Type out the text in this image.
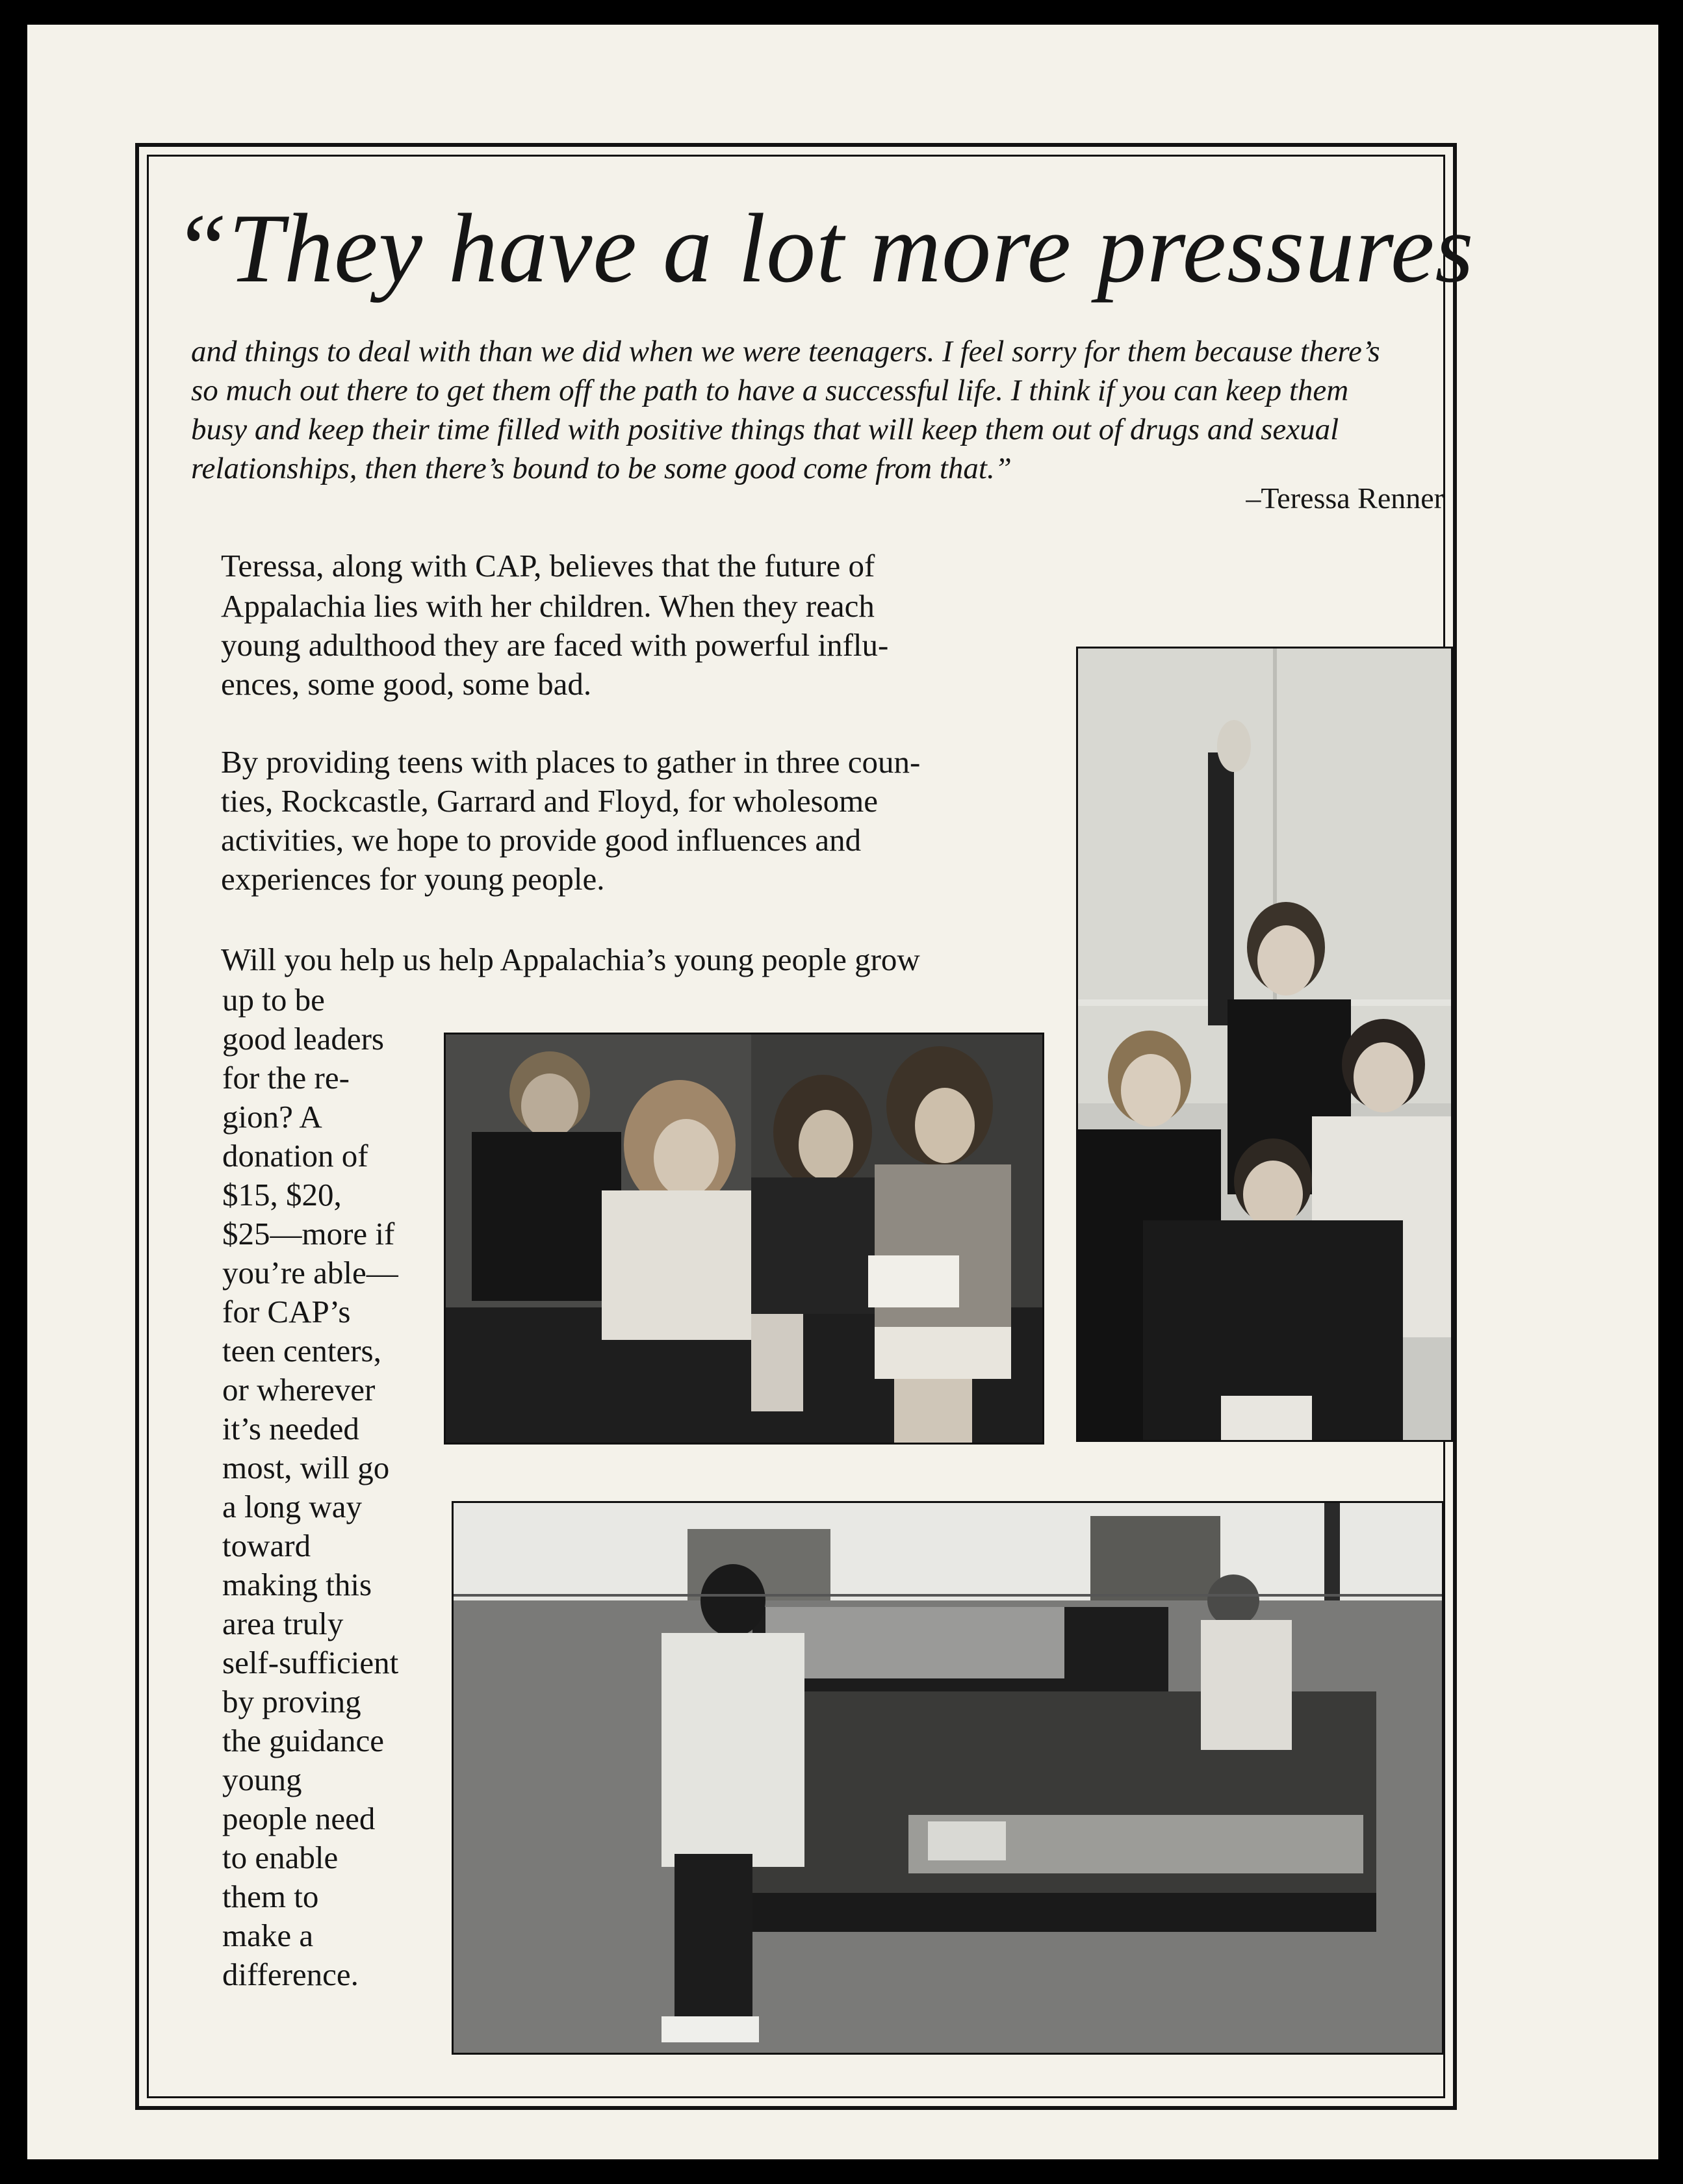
“They have a lot more pressures

and things to deal with than we did when we were teenagers. I feel sorry for them because there’s

so much out there to get them off the path to have a successful life. I think if you can keep them

busy and keep their time filled with positive things that will keep them out of drugs and sexual

relationships, then there’s bound to be some good come from that.”

–Teressa Renner

Teressa, along with CAP, believes that the future of

Appalachia lies with her children. When they reach

young adulthood they are faced with powerful influ-

ences, some good, some bad.

By providing teens with places to gather in three coun-

ties, Rockcastle, Garrard and Floyd, for wholesome

activities, we hope to provide good influences and

experiences for young people.

Will you help us help Appalachia’s young people grow

up to be

good leaders

for the re-

gion? A

donation of

$15, $20,

$25—more if

you’re able—

for CAP’s

teen centers,

or wherever

it’s needed

most, will go

a long way

toward

making this

area truly

self-sufficient

by proving

the guidance

young

people need

to enable

them to

make a

difference.
